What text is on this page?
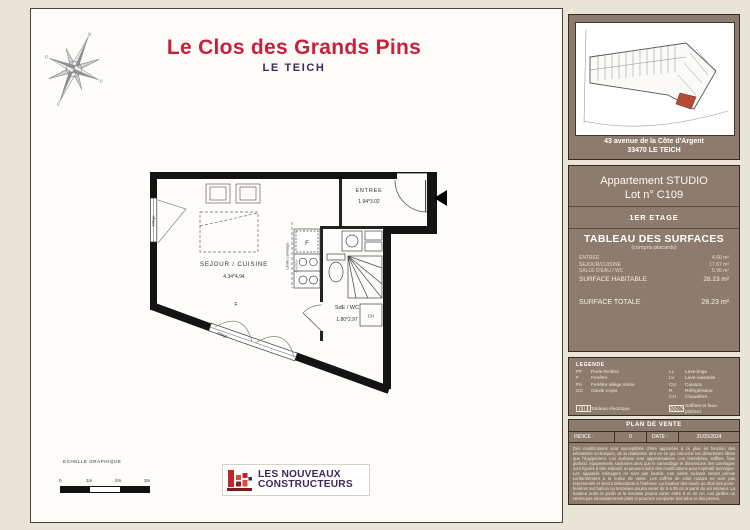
Le Clos des Grands Pins
LE TEICH
N
S
E
O
Allège
F
Allège
F
Limite carrelage CUISSON
CH
SEJOUR / CUISINE
4.34*4.94
ENTREE
1.94*3.02
SdE / WC
1.80*2.97
ECHELLE GRAPHIQUE
0	1m	2m	3m
LES NOUVEAUX
CONSTRUCTEURS
43 avenue de la Côte d'Argent
33470 LE TEICH
Appartement STUDIO
Lot n° C109
1ER ETAGE
TABLEAU DES SURFACES
(compris placards)
ENTREE	4.60 m²
SEJOUR/CUISINE	17.67 m²
SALLE D'EAU / WC	5.96 m²
SURFACE HABITABLE	28.23 m²
SURFACE TOTALE	28.23 m²
LEGENDE
PF	Porte-fenêtre	LL	Lave-linge
F	Fenêtre	LV	Lave-vaisselle
PA	Fenêtre allège vitrée	CU	Cuisson
GC	Garde corps	R	Réfrigérateur
CH	Chaudière
Tableau électrique
Soffites et faux-plafond
PLAN DE VENTE
INDICE :	0	DATE :	31/05/2024
Des modifications sont susceptibles d'être apportées à ce plan en fonction des nécessités techniques, de la réalisation tant en ce qui concerne les dimensions libres que l'équipement. Les surfaces sont approximatives. Les retombées, soffites, faux plafond, équipements sanitaires ainsi que le camouflage et dimensions des carrelages sont figurés à titre indicatif, et peuvent subir des modifications pour impératif technique. Les appareils ménagers ne sont pas fournis. Les volets roulants seront prévus conformément à la notice de vente. Les coffres de volet roulant ne sont pas représentés et seront débordants à l'intérieur. La hauteur des seuils au droit des porte-fenêtres sur balcon ou terrasses pourra varier de 5 à 35 cm à partir du sol intérieur. La hauteur entre le jardin et la terrasse pourra varier entre 9 et 40 cm. Les jardins ne seront pas nécessairement plats et pourront comporter des talus et des pentes.
